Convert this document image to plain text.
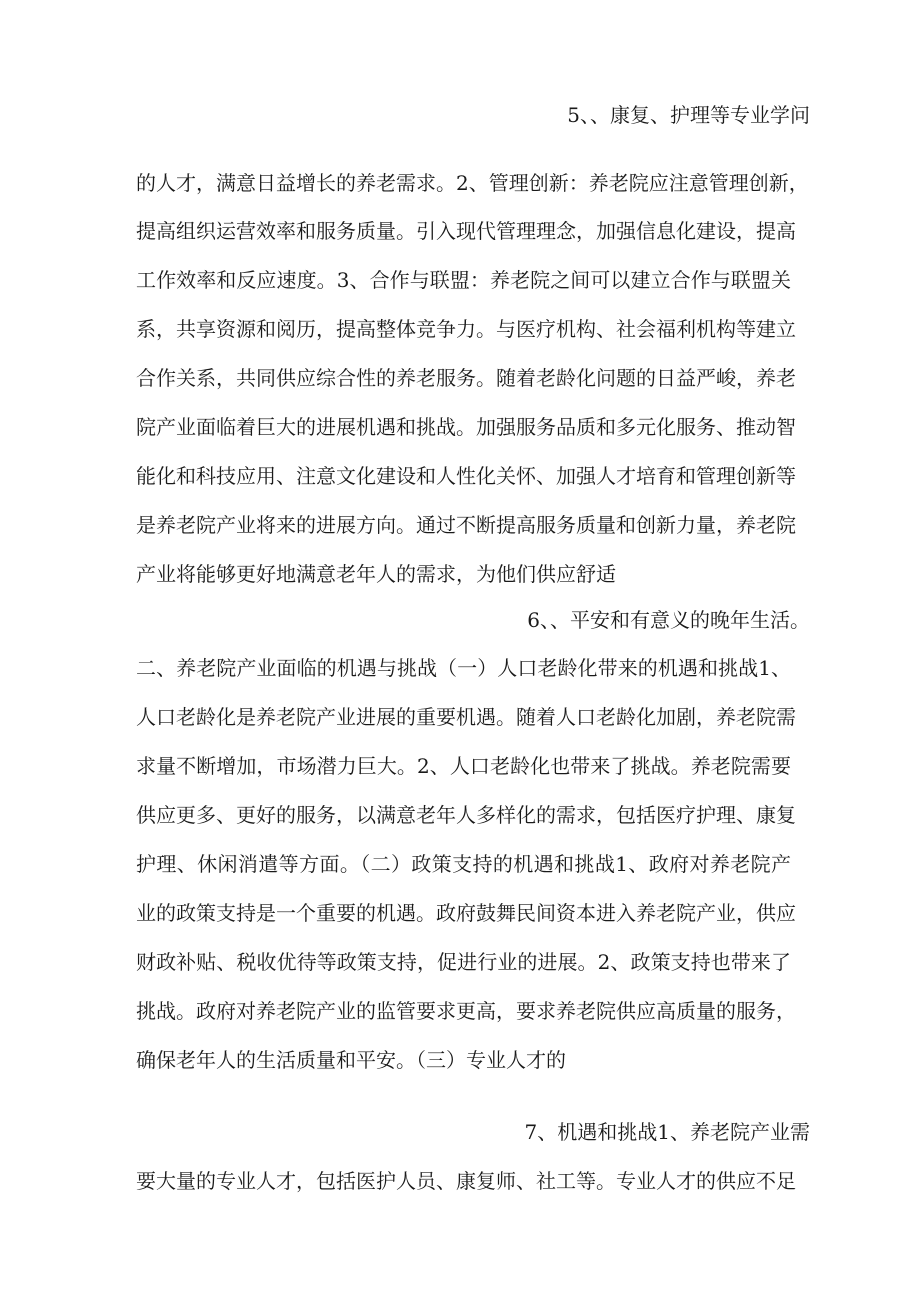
5、、康复、护理等专业学问
的人才，满意日益增长的养老需求。2、管理创新：养老院应注意管理创新，
提高组织运营效率和服务质量。引入现代管理理念，加强信息化建设，提高
工作效率和反应速度。3、合作与联盟：养老院之间可以建立合作与联盟关
系，共享资源和阅历，提高整体竞争力。与医疗机构、社会福利机构等建立
合作关系，共同供应综合性的养老服务。随着老龄化问题的日益严峻，养老
院产业面临着巨大的进展机遇和挑战。加强服务品质和多元化服务、推动智
能化和科技应用、注意文化建设和人性化关怀、加强人才培育和管理创新等
是养老院产业将来的进展方向。通过不断提高服务质量和创新力量，养老院
产业将能够更好地满意老年人的需求，为他们供应舒适
6、、平安和有意义的晚年生活。
二、养老院产业面临的机遇与挑战（一）人口老龄化带来的机遇和挑战1、
人口老龄化是养老院产业进展的重要机遇。随着人口老龄化加剧，养老院需
求量不断增加，市场潜力巨大。2、人口老龄化也带来了挑战。养老院需要
供应更多、更好的服务，以满意老年人多样化的需求，包括医疗护理、康复
护理、休闲消遣等方面。（二）政策支持的机遇和挑战1、政府对养老院产
业的政策支持是一个重要的机遇。政府鼓舞民间资本进入养老院产业，供应
财政补贴、税收优待等政策支持，促进行业的进展。2、政策支持也带来了
挑战。政府对养老院产业的监管要求更高，要求养老院供应高质量的服务，
确保老年人的生活质量和平安。（三）专业人才的
7、机遇和挑战1、养老院产业需
要大量的专业人才，包括医护人员、康复师、社工等。专业人才的供应不足
